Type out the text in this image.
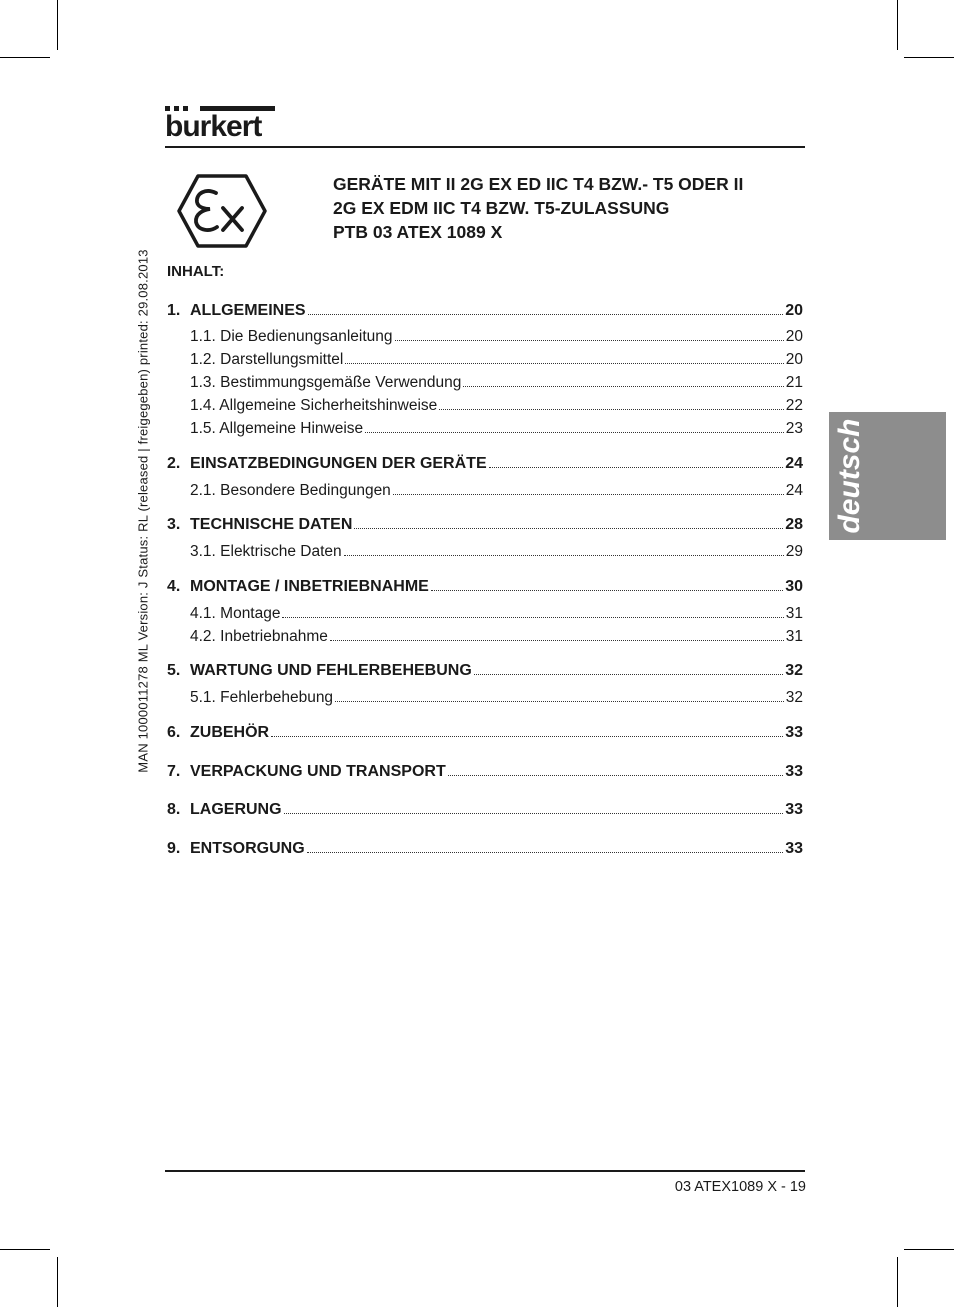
burkert
GERÄTE MIT II 2G EX ED IIC T4 BZW.- T5 ODER II
2G EX EDM IIC T4 BZW. T5-ZULASSUNG
PTB 03 ATEX 1089 X
INHALT:
1. ALLGEMEINES	20
1.1. Die Bedienungsanleitung	20
1.2. Darstellungsmittel	20
1.3. Bestimmungsgemäße Verwendung	21
1.4. Allgemeine Sicherheitshinweise	22
1.5. Allgemeine Hinweise	23
2. EINSATZBEDINGUNGEN DER GERÄTE	24
2.1. Besondere Bedingungen	24
3. TECHNISCHE DATEN	28
3.1. Elektrische Daten	29
4. MONTAGE / INBETRIEBNAHME	30
4.1. Montage	31
4.2. Inbetriebnahme	31
5. WARTUNG UND FEHLERBEHEBUNG	32
5.1. Fehlerbehebung	32
6. ZUBEHÖR	33
7. VERPACKUNG UND TRANSPORT	33
8. LAGERUNG	33
9. ENTSORGUNG	33
deutsch
MAN 1000011278 ML Version: J Status: RL (released | freigegeben) printed: 29.08.2013
03 ATEX1089 X - 19
